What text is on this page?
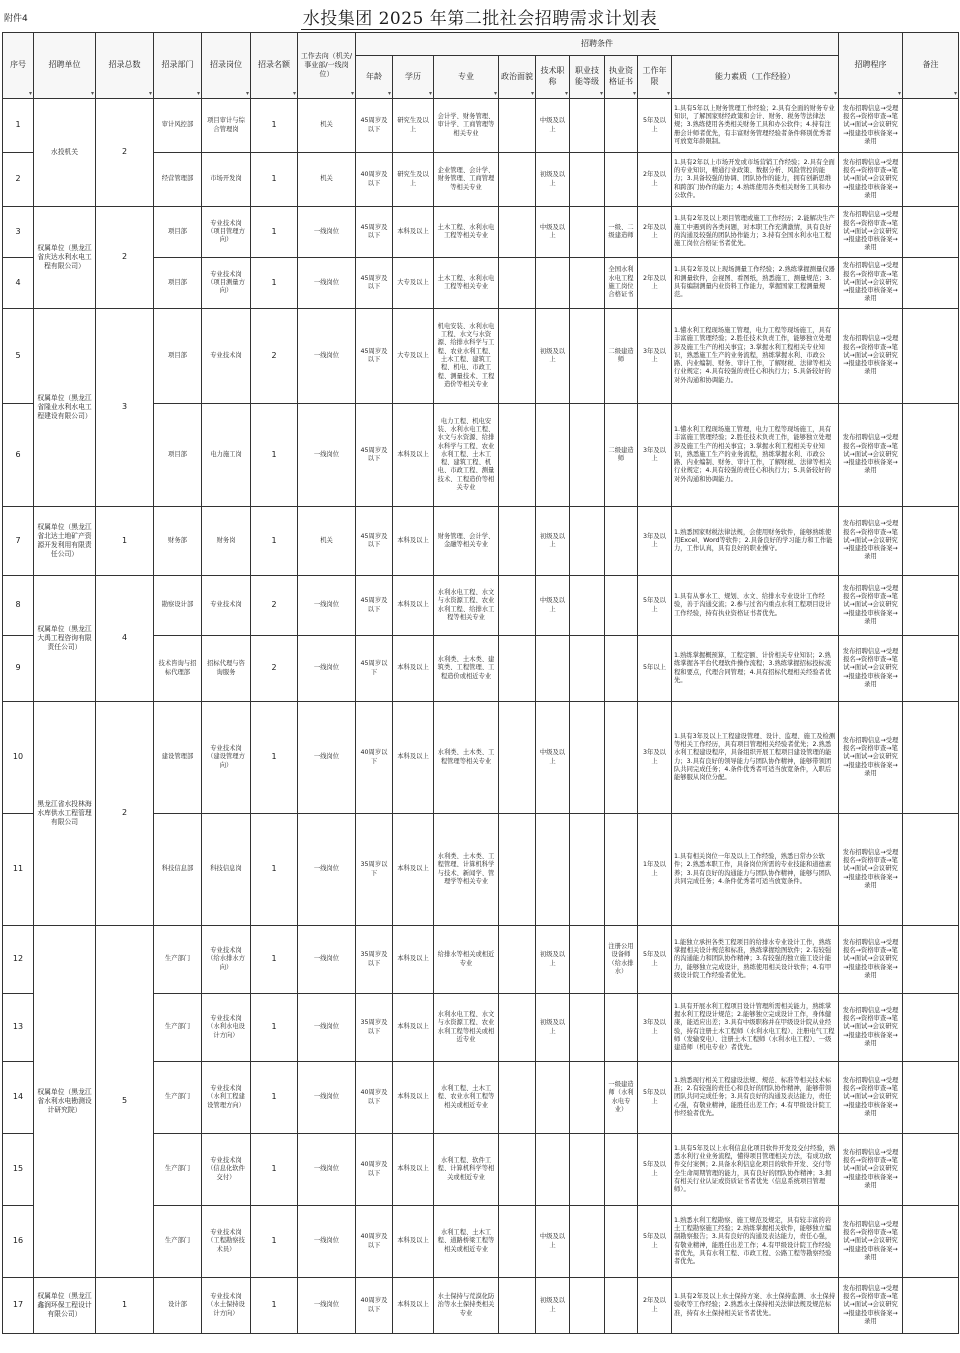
附件4	水投集团 2025 年第二批社会招聘需求计划表
序号 ▾	招聘单位 ▾	招录总数 ▾	招录部门 ▾	招录岗位 ▾	招录名额 ▾	工作去向（机关/事业部/一线岗位） ▾	招聘条件									招聘程序 ▾	备注 ▾
							年龄 ▾	学历 ▾	专业 ▾	政治面貌 ▾	技术职称 ▾	职业技能等级 ▾	执业资格证书 ▾	工作年限 ▾	能力素质（工作经验） ▾
1	水投机关	2	审计风控部	项目审计与综合管理岗	1	机关	45周岁及以下	研究生及以上	会计学、财务管理、审计学、工商管理等相关专业		中级及以上			5年及以上	1.具有5年以上财务管理工作经验；2.具有全面的财务专业知识，了解国家财经政策和会计、财务、税务等法律法规；3.熟练使用各类相关财务工具和办公软件；4.持有注册会计师者优先，有丰富财务管理经验者条件释别优秀者可放宽年龄限制。	发布招聘信息→受理报名→资格审查→笔试→面试→会议研究→报建投审核备案→录用	
2			经营管理部	市场开发岗	1	机关	40周岁及以下	研究生及以上	企业管理、会计学、财务管理、工商管理等相关专业		初级及以上			2年及以上	1.具有2年以上市场开发或市场营销工作经验；2.具有全面的专业知识，精通行业政策、数据分析、风险管控的能力；3.具备较强的协调、团队协作的能力，拥有创新思维和跨部门协作的能力；4.熟练使用各类相关财务工具和办公软件。	发布招聘信息→受理报名→资格审查→笔试→面试→会议研究→报建投审核备案→录用	
3	权属单位（黑龙江省庆达水利水电工程有限公司）	2	项目部	专业技术岗（项目管理方向）	1	一线岗位	45周岁及以下	本科及以上	土木工程、水利水电工程等相关专业		中级及以上		一级、二级建造师	2年及以上	1.具有2年及以上项目管理或施工工作经历；2.能解决生产施工中遇到的各类问题，对本职工作充满激情，具有良好的沟通及较强的团队协作能力；3.持有全国水利水电工程施工岗位合格证书者优先。	发布招聘信息→受理报名→资格审查→笔试→面试→会议研究→报建投审核备案→录用	
4			项目部	专业技术岗（项目测量方向）	1	一线岗位	45周岁及以下	大专及以上	土木工程、水利水电工程等相关专业				全国水利水电工程施工岗位合格证书	2年及以上	1.具有2年及以上现场测量工作经验；2.熟练掌握测量仪器和测量软件，会视图、看图纸，熟悉施工、测量规范；3.具有编制测量内业资料工作能力，掌握国家工程测量规范。	发布招聘信息→受理报名→资格审查→笔试→面试→会议研究→报建投审核备案→录用	
5	权属单位（黑龙江省隆业水利水电工程建设有限公司）	3	项目部	专业技术岗	2	一线岗位	45周岁及以下	大专及以上	机电安装、水利水电工程、水文与水资源、给排水科学与工程、农业水利工程、土木工程、建筑工程、机电、市政工程、测量技术、工程造价等相关专业		初级及以上		二级建造师	3年及以上	1.懂水利工程现场施工管理，电力工程等现场施工，具有丰富施工管理经验；2.胜任技术负责工作，能够独立处理涉及施工生产的相关事宜；3.掌握水利工程相关专业知识，熟悉施工生产的业务流程，熟练掌握水利、市政公路、内业编制、财务、审计工作，了解财税、法律等相关行业规定；4.具有较强的责任心和执行力；5.具备较好的对外沟通和协调能力。	发布招聘信息→受理报名→资格审查→笔试→面试→会议研究→报建投审核备案→录用	
6			项目部	电力施工岗	1	一线岗位	45周岁及以下	本科及以上	电力工程、机电安装、水利水电工程、水文与水资源、给排水科学与工程、农业水利工程、土木工程、建筑工程、机电、市政工程、测量技术、工程造价等相关专业				二级建造师	3年及以上	1.懂水利工程现场施工管理，电力工程等现场施工，具有丰富施工管理经验；2.胜任技术负责工作，能够独立处理涉及施工生产的相关事宜；3.掌握水利工程相关专业知识，熟悉施工生产的业务流程，熟练掌握水利、市政公路、内业编制、财务、审计工作，了解财税、法律等相关行业规定；4.具有较强的责任心和执行力；5.具备较好的对外沟通和协调能力。	发布招聘信息→受理报名→资格审查→笔试→面试→会议研究→报建投审核备案→录用	
7	权属单位（黑龙江省北达土地矿产资源开发利用有限责任公司）	1	财务部	财务岗	1	机关	45周岁及以下	本科及以上	财务管理、会计学、金融等相关专业		初级及以上			3年及以上	1.熟悉国家财税法律法规，会使用财务软件，能够熟练使用Excel、Word等软件；2.具备良好的学习能力和工作能力，工作认真，具有良好的职业操守。	发布招聘信息→受理报名→资格审查→笔试→面试→会议研究→报建投审核备案→录用	
8	权属单位（黑龙江大禹工程咨询有限责任公司）	4	勘察设计部	专业技术岗	2	一线岗位	45周岁及以下	本科及以上	水利水电工程、水文与水资源工程、农业水利工程、给排水工程等相关专业		中级及以上			5年及以上	1.具有从事水工、规划、水文、给排水专业设计工作经验，善于沟通交流；2.参与过省内重点水利工程项目设计工作经验，持有执业资格证书者优先。	发布招聘信息→受理报名→资格审查→笔试→面试→会议研究→报建投审核备案→录用	
9			技术咨询与招标代理部	招标代理与咨询服务	2	一线岗位	45周岁以下	本科及以上	水利类、土木类、建筑类、工程管理、工程造价或相近专业					5年以上	1.熟练掌握概预算，工程定额、计价相关专业知识；2.熟练掌握各平台代理软件操作流程；3.熟练掌握招标投标流程和要点，代理合同管理；4.具有招标代理相关经验者优先。	发布招聘信息→受理报名→资格审查→笔试→面试→会议研究→报建投审核备案→录用	
10	黑龙江省水投林海水库供水工程管理有限公司	2	建设管理部	专业技术岗（建设管理方向）	1	一线岗位	40周岁以下	本科及以上	水利类、土木类、工程管理等相关专业		中级及以上			3年及以上	1.具有3年及以上工程建设管理、设计、监理、施工及检测等相关工作经历，具有项目管理相关经验者优先；2.熟悉水利工程建设程序，具备组织开展工程项目建设管理的能力；3.具有良好的领导能力与团队协作精神，能够带领团队共同完成任务；4.条件优秀者可适当放宽条件，入职后能够服从岗位分配。	发布招聘信息→受理报名→资格审查→笔试→面试→会议研究→报建投审核备案→录用	
11			科技信息部	科技信息岗	1	一线岗位	35周岁以下	本科及以上	水利类、土木类、工程管理、计算机科学与技术、新闻学、管理学等相关专业					1年及以上	1.具有相关岗位一年及以上工作经验，熟悉日常办公软件；2.熟悉本职工作，具备岗位所需的专业技能和道德素养；3.具有良好的沟通能力与团队协作精神，能够与团队共同完成任务；4.条件优秀者可适当放宽条件。	发布招聘信息→受理报名→资格审查→笔试→面试→会议研究→报建投审核备案→录用	
12	权属单位（黑龙江省水利水电勘测设计研究院）	5	生产部门	专业技术岗（给水排水方向）	1	一线岗位	35周岁及以下	本科及以上	给排水等相关或相近专业		初级及以上		注册公用设备师（给水排水）	5年及以上	1.能独立承担各类工程项目的给排水专业设计工作，熟练掌握相关设计规范和标准，熟练掌握绘图软件；2.有较强的沟通能力和团队协作精神；3.有较强的独立施工设计能力，能够独立完成设计，熟练使用相关设计软件；4.有甲级设计院工作经验者优先。	发布招聘信息→受理报名→资格审查→笔试→面试→会议研究→报建投审核备案→录用	
13			生产部门	专业技术岗（水利水电设计方向）	1	一线岗位	35周岁及以下	本科及以上	水利水电工程、水文与水资源工程、农业水利工程等相关或相近专业		初级及以上			3年及以上	1.具有开展水利工程项目设计管理所需相关能力，熟练掌握水利工程设计规范；2.能够独立完成设计工作，身体健康，能适应出差；3.具有中级职称并在甲级设计院从业经验，持有注册土木工程师（水利水电工程）、注册电气工程师（发输变电）、注册土木工程师（水利水电工程）、一级建造师（机电专业）者优先。	发布招聘信息→受理报名→资格审查→笔试→面试→会议研究→报建投审核备案→录用	
14			生产部门	专业技术岗（水利工程建设管理方向）	1	一线岗位	40周岁及以下	本科及以上	水利工程、土木工程、农业水利工程等相关或相近专业				一级建造师（水利水电专业）	5年及以上	1.熟悉现行相关工程建设法规、规范、标准等相关技术标准；2.有较强的责任心和良好的团队协作精神，能够带领团队共同完成任务；3.具有良好的沟通及表达能力，责任心强，有敬业精神，能胜任出差工作；4.有甲级设计院工作经验者优先。	发布招聘信息→受理报名→资格审查→笔试→面试→会议研究→报建投审核备案→录用	
15			生产部门	专业技术岗（信息化软件交付）	1	一线岗位	40周岁及以下	本科及以上	水利工程、软件工程、计算机科学等相关或相近专业					5年及以上	1.具有5年及以上水利信息化项目软件开发及交付经验，熟悉水利行业业务流程，懂得项目管理相关方法，有成功软件交付案例；2.具备水利信息化项目的软件开发、交付等全生命周期管理的能力，具有良好的团队协作精神；3.拥有相关行业认证或资质证书者优先（信息系统项目管理师）。	发布招聘信息→受理报名→资格审查→笔试→面试→会议研究→报建投审核备案→录用	
16			生产部门	专业技术岗（工程勘察技术员）	1	一线岗位	40周岁及以下	本科及以上	水利工程、土木工程、道路桥梁工程等相关或相近专业		中级及以上			5年及以上	1.熟悉水利工程勘察、施工规范及规定，具有较丰富的岩土工程勘察施工经验；2.熟练掌握相关软件，能够独立编制勘察报告；3.具有良好的沟通及表达能力，责任心强，有敬业精神，能胜任出差工作；4.有甲级设计院工作经验者优先，具有水利工程、市政工程、公路工程等勘察经验者优先。	发布招聘信息→受理报名→资格审查→笔试→面试→会议研究→报建投审核备案→录用	
17	权属单位（黑龙江鑫润环保工程设计有限公司）	1	设计部	专业技术岗（水土保持设计方向）	1	一线岗位	40周岁及以下	本科及以上	水土保持与荒漠化防治等水土保持类相关专业		初级及以上			2年及以上	1.具有2年及以上水土保持方案、水土保持监测、水土保持验收等工作经验；2.熟悉水土保持相关法律法规及规范标准，持有水土保持相关证书者优先。	发布招聘信息→受理报名→资格审查→笔试→面试→会议研究→报建投审核备案→录用	
